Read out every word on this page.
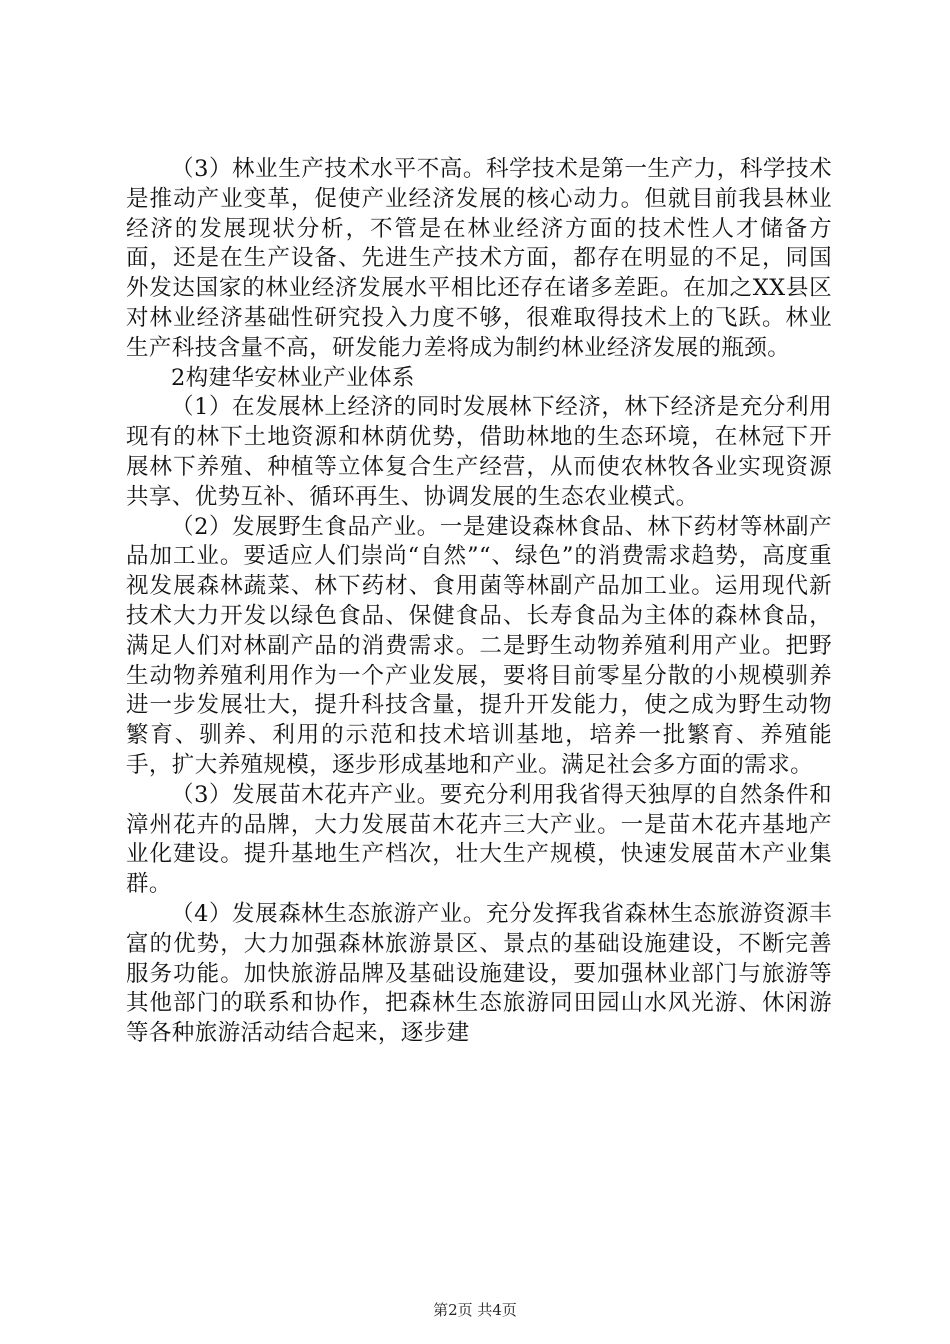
（3）林业生产技术水平不高。科学技术是第一生产力，科学技术是推动产业变革，促使产业经济发展的核心动力。但就目前我县林业经济的发展现状分析，不管是在林业经济方面的技术性人才储备方面，还是在生产设备、先进生产技术方面，都存在明显的不足，同国外发达国家的林业经济发展水平相比还存在诸多差距。在加之XX县区对林业经济基础性研究投入力度不够，很难取得技术上的飞跃。林业生产科技含量不高，研发能力差将成为制约林业经济发展的瓶颈。

2构建华安林业产业体系

（1）在发展林上经济的同时发展林下经济，林下经济是充分利用现有的林下土地资源和林荫优势，借助林地的生态环境，在林冠下开展林下养殖、种植等立体复合生产经营，从而使农林牧各业实现资源共享、优势互补、循环再生、协调发展的生态农业模式。

（2）发展野生食品产业。一是建设森林食品、林下药材等林副产品加工业。要适应人们崇尚“自然”“、绿色”的消费需求趋势，高度重视发展森林蔬菜、林下药材、食用菌等林副产品加工业。运用现代新技术大力开发以绿色食品、保健食品、长寿食品为主体的森林食品，满足人们对林副产品的消费需求。二是野生动物养殖利用产业。把野生动物养殖利用作为一个产业发展，要将目前零星分散的小规模驯养进一步发展壮大，提升科技含量，提升开发能力，使之成为野生动物繁育、驯养、利用的示范和技术培训基地，培养一批繁育、养殖能手，扩大养殖规模，逐步形成基地和产业。满足社会多方面的需求。

（3）发展苗木花卉产业。要充分利用我省得天独厚的自然条件和漳州花卉的品牌，大力发展苗木花卉三大产业。一是苗木花卉基地产业化建设。提升基地生产档次，壮大生产规模，快速发展苗木产业集群。

（4）发展森林生态旅游产业。充分发挥我省森林生态旅游资源丰富的优势，大力加强森林旅游景区、景点的基础设施建设，不断完善服务功能。加快旅游品牌及基础设施建设，要加强林业部门与旅游等其他部门的联系和协作，把森林生态旅游同田园山水风光游、休闲游等各种旅游活动结合起来，逐步建

第2页 共4页
